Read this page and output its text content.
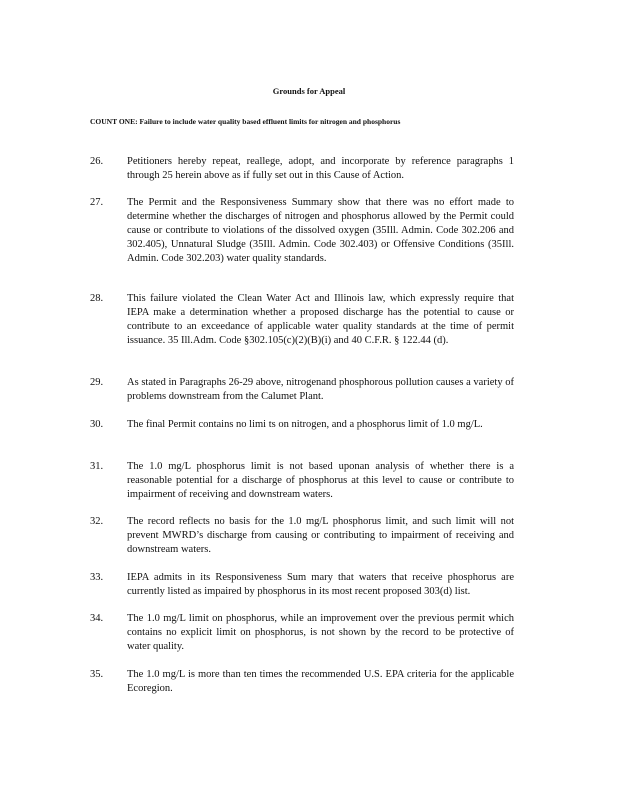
Grounds for Appeal
COUNT ONE: Failure to include water quality based effluent limits for nitrogen and phosphorus
26.	Petitioners hereby repeat, reallege, adopt, and incorporate by reference paragraphs 1 through 25 herein above as if fully set out in this Cause of Action.
27.	The Permit and the Responsiveness Summary show that there was no effort made to determine whether the discharges of nitrogen and phosphorus allowed by the Permit could cause or contribute to violations of the dissolved oxygen (35Ill. Admin. Code 302.206 and 302.405), Unnatural Sludge (35Ill. Admin. Code 302.403) or Offensive Conditions (35Ill. Admin. Code 302.203) water quality standards.
28.	This failure violated the Clean Water Act and Illinois law, which expressly require that IEPA make a determination whether a proposed discharge has the potential to cause or contribute to an exceedance of applicable water quality standards at the time of permit issuance. 35 Ill.Adm. Code §302.105(c)(2)(B)(i) and 40 C.F.R. § 122.44 (d).
29.	As stated in Paragraphs 26-29 above, nitrogenand phosphorous pollution causes a variety of problems downstream from the Calumet Plant.
30.	The final Permit contains no limi ts on nitrogen, and a phosphorus limit of 1.0 mg/L.
31.	The 1.0 mg/L phosphorus limit is not based uponan analysis of whether there is a reasonable potential for a discharge of phosphorus at this level to cause or contribute to impairment of receiving and downstream waters.
32.	The record reflects no basis for the 1.0 mg/L phosphorus limit, and such limit will not prevent MWRD’s discharge from causing or contributing to impairment of receiving and downstream waters.
33.	IEPA admits in its Responsiveness Sum mary that waters that receive phosphorus are currently listed as impaired by phosphorus in its most recent proposed 303(d) list.
34.	The 1.0 mg/L limit on phosphorus, while an improvement over the previous permit which contains no explicit limit on phosphorus, is not shown by the record to be protective of water quality.
35.	The 1.0 mg/L is more than ten times the recommended U.S. EPA criteria for the applicable Ecoregion.
